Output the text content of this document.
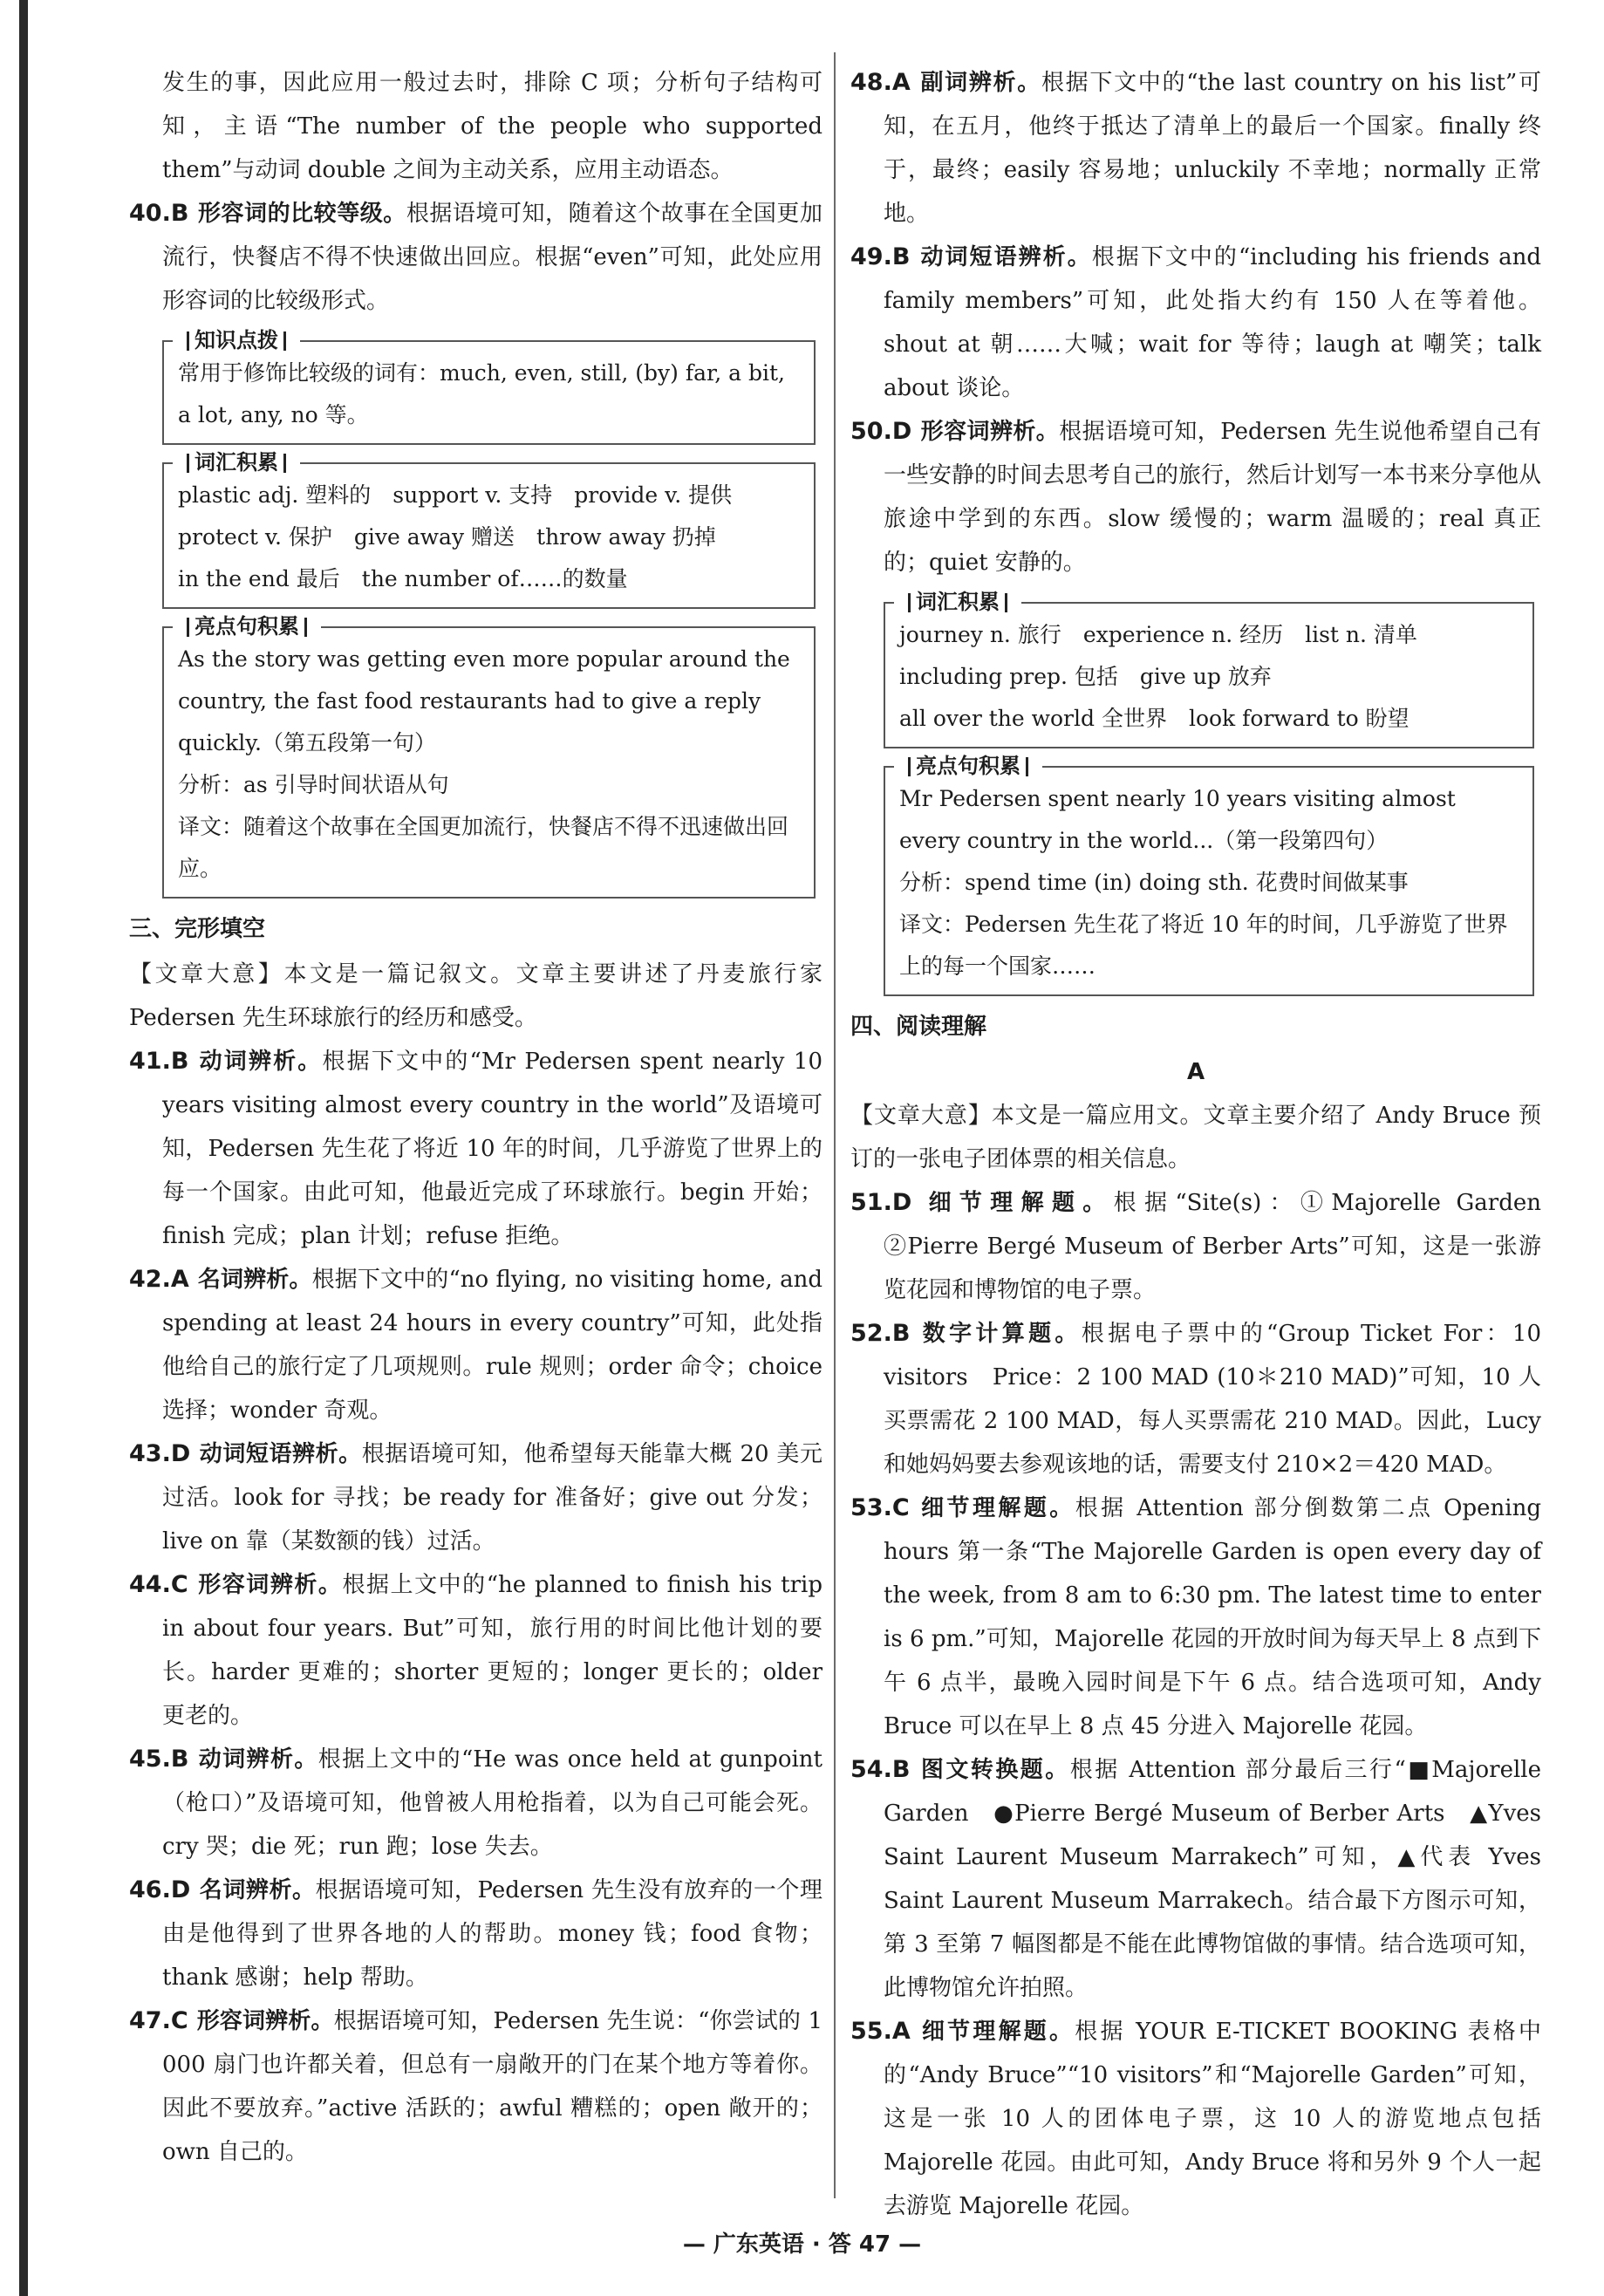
发生的事，因此应用一般过去时，排除 C 项；分析句子结构可知，主语“The number of the people who supported them”与动词 double 之间为主动关系，应用主动语态。

40.B 形容词的比较等级。根据语境可知，随着这个故事在全国更加流行，快餐店不得不快速做出回应。根据“even”可知，此处应用形容词的比较级形式。

知识点拨

常用于修饰比较级的词有：much, even, still, (by) far, a bit, a lot, any, no 等。

词汇积累

plastic adj. 塑料的　support v. 支持　provide v. 提供

protect v. 保护　give away 赠送　throw away 扔掉

in the end 最后　the number of……的数量

亮点句积累

As the story was getting even more popular around the country, the fast food restaurants had to give a reply quickly.（第五段第一句）

分析：as 引导时间状语从句

译文：随着这个故事在全国更加流行，快餐店不得不迅速做出回应。

三、完形填空

【文章大意】本文是一篇记叙文。文章主要讲述了丹麦旅行家 Pedersen 先生环球旅行的经历和感受。

41.B 动词辨析。根据下文中的“Mr Pedersen spent nearly 10 years visiting almost every country in the world”及语境可知，Pedersen 先生花了将近 10 年的时间，几乎游览了世界上的每一个国家。由此可知，他最近完成了环球旅行。begin 开始；finish 完成；plan 计划；refuse 拒绝。

42.A 名词辨析。根据下文中的“no flying, no visiting home, and spending at least 24 hours in every country”可知，此处指他给自己的旅行定了几项规则。rule 规则；order 命令；choice 选择；wonder 奇观。

43.D 动词短语辨析。根据语境可知，他希望每天能靠大概 20 美元过活。look for 寻找；be ready for 准备好；give out 分发；live on 靠（某数额的钱）过活。

44.C 形容词辨析。根据上文中的“he planned to finish his trip in about four years. But”可知，旅行用的时间比他计划的要长。harder 更难的；shorter 更短的；longer 更长的；older 更老的。

45.B 动词辨析。根据上文中的“He was once held at gunpoint（枪口）”及语境可知，他曾被人用枪指着，以为自己可能会死。cry 哭；die 死；run 跑；lose 失去。

46.D 名词辨析。根据语境可知，Pedersen 先生没有放弃的一个理由是他得到了世界各地的人的帮助。money 钱；food 食物；thank 感谢；help 帮助。

47.C 形容词辨析。根据语境可知，Pedersen 先生说：“你尝试的 1 000 扇门也许都关着，但总有一扇敞开的门在某个地方等着你。因此不要放弃。”active 活跃的；awful 糟糕的；open 敞开的；own 自己的。

48.A 副词辨析。根据下文中的“the last country on his list”可知，在五月，他终于抵达了清单上的最后一个国家。finally 终于，最终；easily 容易地；unluckily 不幸地；normally 正常地。

49.B 动词短语辨析。根据下文中的“including his friends and family members”可知，此处指大约有 150 人在等着他。shout at 朝……大喊；wait for 等待；laugh at 嘲笑；talk about 谈论。

50.D 形容词辨析。根据语境可知，Pedersen 先生说他希望自己有一些安静的时间去思考自己的旅行，然后计划写一本书来分享他从旅途中学到的东西。slow 缓慢的；warm 温暖的；real 真正的；quiet 安静的。

词汇积累

journey n. 旅行　experience n. 经历　list n. 清单

including prep. 包括　give up 放弃

all over the world 全世界　look forward to 盼望

亮点句积累

Mr Pedersen spent nearly 10 years visiting almost every country in the world...（第一段第四句）

分析：spend time (in) doing sth. 花费时间做某事

译文：Pedersen 先生花了将近 10 年的时间，几乎游览了世界上的每一个国家……

四、阅读理解
A

【文章大意】本文是一篇应用文。文章主要介绍了 Andy Bruce 预订的一张电子团体票的相关信息。

51.D 细节理解题。根据“Site(s)：①Majorelle Garden　②Pierre Bergé Museum of Berber Arts”可知，这是一张游览花园和博物馆的电子票。

52.B 数字计算题。根据电子票中的“Group Ticket For：10 visitors　Price：2 100 MAD (10＊210 MAD)”可知，10 人买票需花 2 100 MAD，每人买票需花 210 MAD。因此，Lucy 和她妈妈要去参观该地的话，需要支付 210×2＝420 MAD。

53.C 细节理解题。根据 Attention 部分倒数第二点 Opening hours 第一条“The Majorelle Garden is open every day of the week, from 8 am to 6:30 pm. The latest time to enter is 6 pm.”可知，Majorelle 花园的开放时间为每天早上 8 点到下午 6 点半，最晚入园时间是下午 6 点。结合选项可知，Andy Bruce 可以在早上 8 点 45 分进入 Majorelle 花园。

54.B 图文转换题。根据 Attention 部分最后三行“■Majorelle Garden　●Pierre Bergé Museum of Berber Arts　▲Yves Saint Laurent Museum Marrakech”可知，▲代表 Yves Saint Laurent Museum Marrakech。结合最下方图示可知，第 3 至第 7 幅图都是不能在此博物馆做的事情。结合选项可知，此博物馆允许拍照。

55.A 细节理解题。根据 YOUR E-TICKET BOOKING 表格中的“Andy Bruce”“10 visitors”和“Majorelle Garden”可知，这是一张 10 人的团体电子票，这 10 人的游览地点包括 Majorelle 花园。由此可知，Andy Bruce 将和另外 9 个人一起去游览 Majorelle 花园。

— 广东英语 · 答 47 —
